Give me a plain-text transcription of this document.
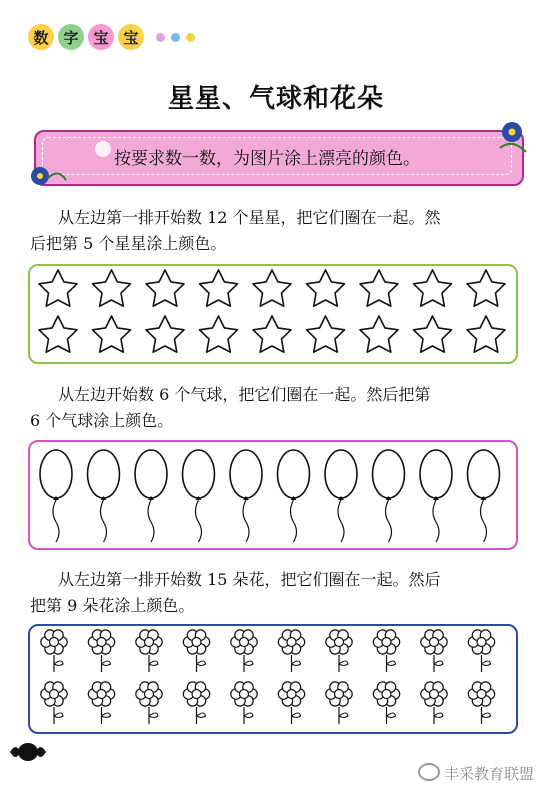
数 字 宝 宝
星星、气球和花朵
按要求数一数，为图片涂上漂亮的颜色。
从左边第一排开始数 12 个星星，把它们圈在一起。然
后把第 5 个星星涂上颜色。
从左边开始数 6 个气球，把它们圈在一起。然后把第
6 个气球涂上颜色。
从左边第一排开始数 15 朵花，把它们圈在一起。然后
把第 9 朵花涂上颜色。
丰采教育联盟
